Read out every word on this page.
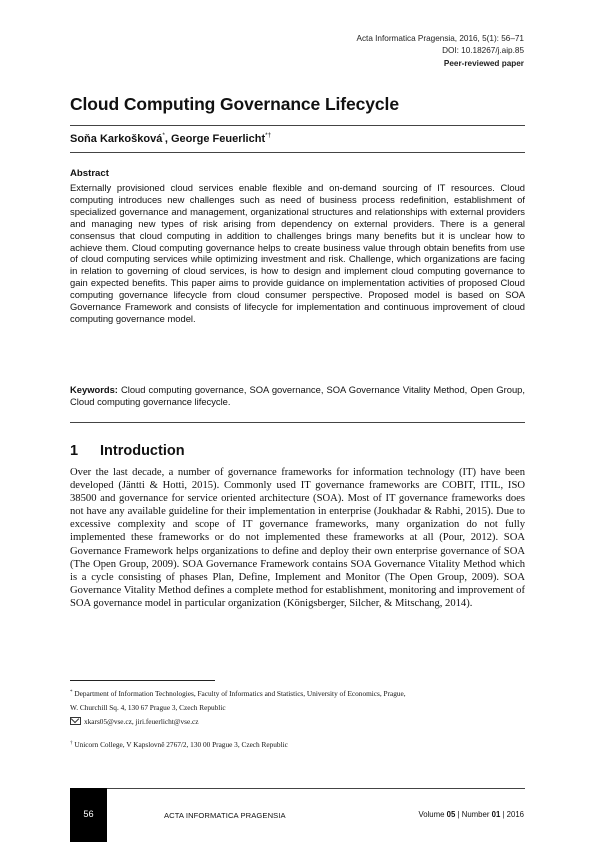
Acta Informatica Pragensia, 2016, 5(1): 56–71
DOI: 10.18267/j.aip.85
Peer-reviewed paper
Cloud Computing Governance Lifecycle
Soňa Karkošková*, George Feuerlicht*†
Abstract
Externally provisioned cloud services enable flexible and on-demand sourcing of IT resources. Cloud computing introduces new challenges such as need of business process redefinition, establishment of specialized governance and management, organizational structures and relationships with external providers and managing new types of risk arising from dependency on external providers. There is a general consensus that cloud computing in addition to challenges brings many benefits but it is unclear how to achieve them. Cloud computing governance helps to create business value through obtain benefits from use of cloud computing services while optimizing investment and risk. Challenge, which organizations are facing in relation to governing of cloud services, is how to design and implement cloud computing governance to gain expected benefits. This paper aims to provide guidance on implementation activities of proposed Cloud computing governance lifecycle from cloud consumer perspective. Proposed model is based on SOA Governance Framework and consists of lifecycle for implementation and continuous improvement of cloud computing governance model.
Keywords: Cloud computing governance, SOA governance, SOA Governance Vitality Method, Open Group, Cloud computing governance lifecycle.
1 Introduction
Over the last decade, a number of governance frameworks for information technology (IT) have been developed (Jäntti & Hotti, 2015). Commonly used IT governance frameworks are COBIT, ITIL, ISO 38500 and governance for service oriented architecture (SOA). Most of IT governance frameworks does not have any available guideline for their implementation in enterprise (Joukhadar & Rabhi, 2015). Due to excessive complexity and scope of IT governance frameworks, many organization do not fully implemented these frameworks or do not implemented these frameworks at all (Pour, 2012). SOA Governance Framework helps organizations to define and deploy their own enterprise governance of SOA (The Open Group, 2009). SOA Governance Framework contains SOA Governance Vitality Method which is a cycle consisting of phases Plan, Define, Implement and Monitor (The Open Group, 2009). SOA Governance Vitality Method defines a complete method for establishment, monitoring and improvement of SOA governance model in particular organization (Königsberger, Silcher, & Mitschang, 2014).
* Department of Information Technologies, Faculty of Informatics and Statistics, University of Economics, Prague,
W. Churchill Sq. 4, 130 67 Prague 3, Czech Republic
xkars05@vse.cz, jiri.feuerlicht@vse.cz
† Unicorn College, V Kapslovně 2767/2, 130 00 Prague 3, Czech Republic
56	ACTA INFORMATICA PRAGENSIA	Volume 05 | Number 01 | 2016
